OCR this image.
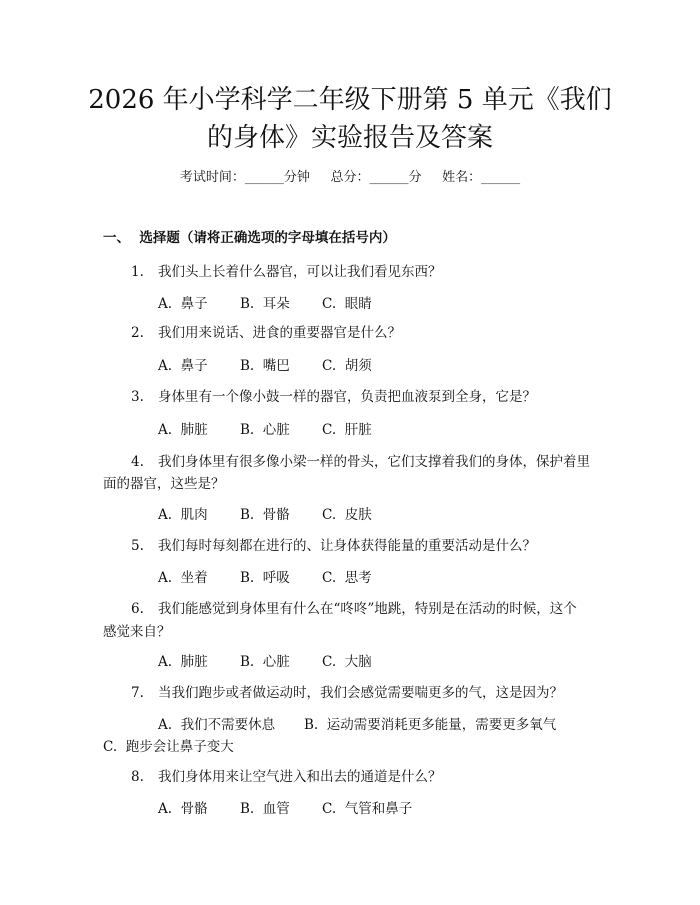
2026 年小学科学二年级下册第 5 单元《我们
的身体》实验报告及答案
考试时间：______分钟     总分：______分     姓名：______
一、  选择题（请将正确选项的字母填在括号内）
1. 我们头上长着什么器官，可以让我们看见东西？
A.  鼻子 B.  耳朵 C.  眼睛
2. 我们用来说话、进食的重要器官是什么？
A.  鼻子 B.  嘴巴 C.  胡须
3. 身体里有一个像小鼓一样的器官，负责把血液泵到全身，它是？
A.  肺脏 B.  心脏 C.  肝脏
4. 我们身体里有很多像小梁一样的骨头，它们支撑着我们的身体，保护着里
面的器官，这些是？
A.  肌肉 B.  骨骼 C.  皮肤
5. 我们每时每刻都在进行的、让身体获得能量的重要活动是什么？
A.  坐着 B.  呼吸 C.  思考
6. 我们能感觉到身体里有什么在“咚咚”地跳，特别是在活动的时候，这个
感觉来自？
A.  肺脏 B.  心脏 C.  大脑
7. 当我们跑步或者做运动时，我们会感觉需要喘更多的气，这是因为？
A.  我们不需要休息 B.  运动需要消耗更多能量，需要更多氧气
C.  跑步会让鼻子变大
8. 我们身体用来让空气进入和出去的通道是什么？
A.  骨骼 B.  血管 C.  气管和鼻子
